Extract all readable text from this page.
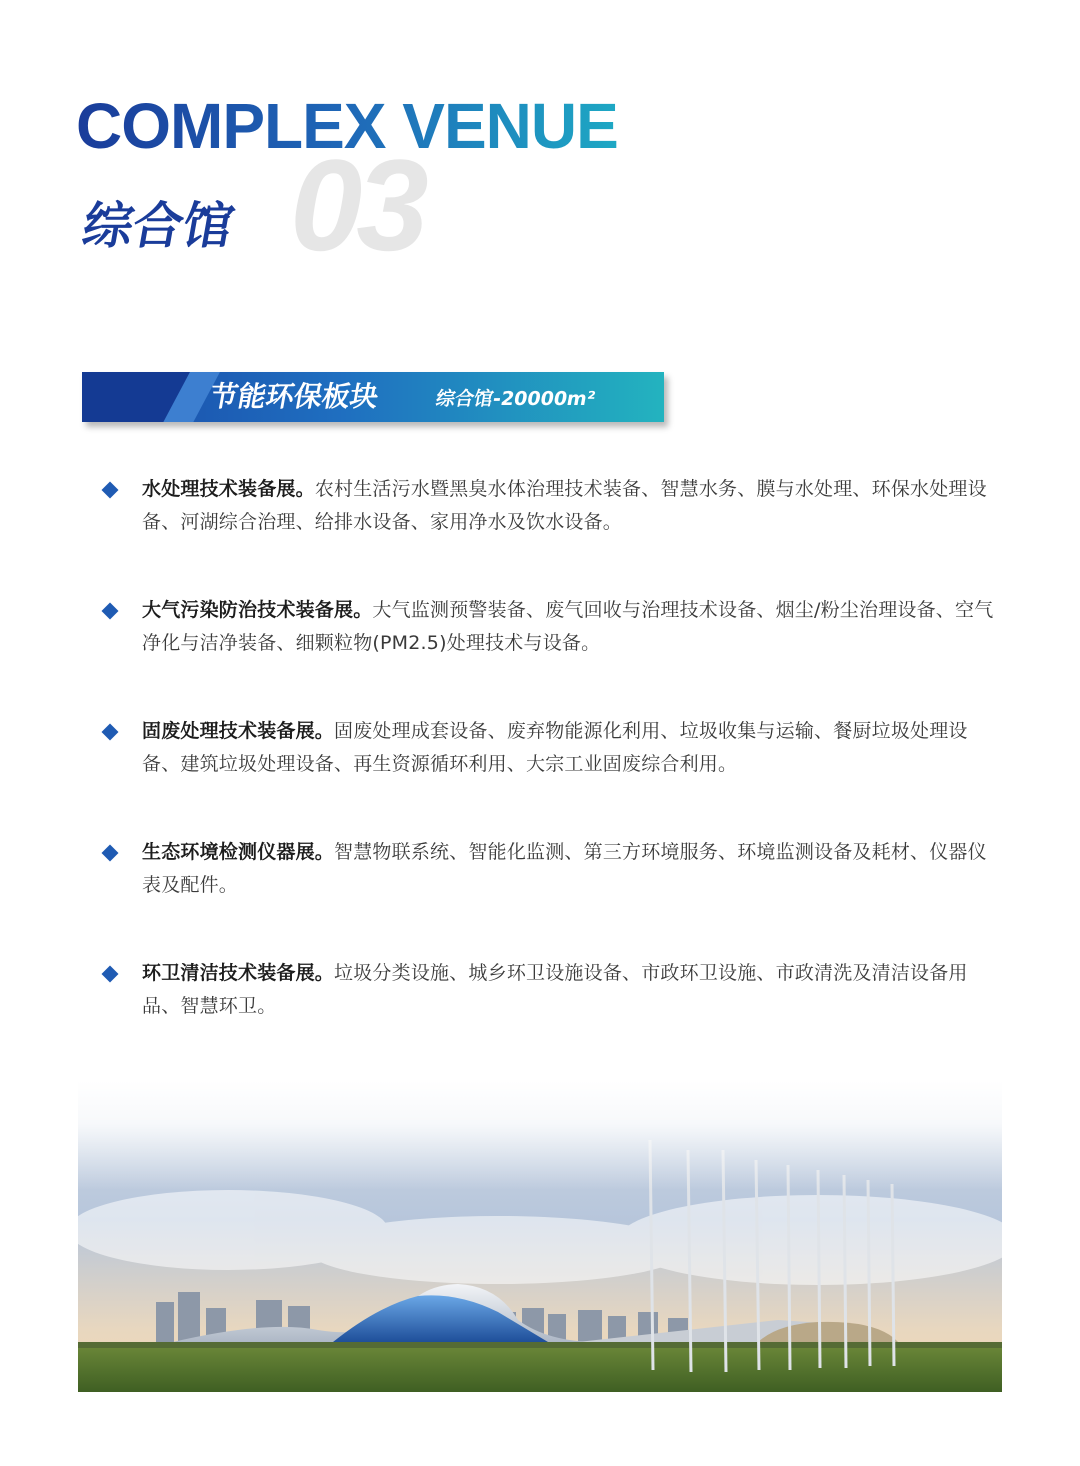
COMPLEX VENUE
03
综合馆
节能环保板块	综合馆-20000m²
水处理技术装备展。农村生活污水暨黑臭水体治理技术装备、智慧水务、膜与水处理、环保水处理设备、河湖综合治理、给排水设备、家用净水及饮水设备。
大气污染防治技术装备展。大气监测预警装备、废气回收与治理技术设备、烟尘/粉尘治理设备、空气净化与洁净装备、细颗粒物(PM2.5)处理技术与设备。
固废处理技术装备展。固废处理成套设备、废弃物能源化利用、垃圾收集与运输、餐厨垃圾处理设备、建筑垃圾处理设备、再生资源循环利用、大宗工业固废综合利用。
生态环境检测仪器展。智慧物联系统、智能化监测、第三方环境服务、环境监测设备及耗材、仪器仪表及配件。
环卫清洁技术装备展。垃圾分类设施、城乡环卫设施设备、市政环卫设施、市政清洗及清洁设备用品、智慧环卫。
